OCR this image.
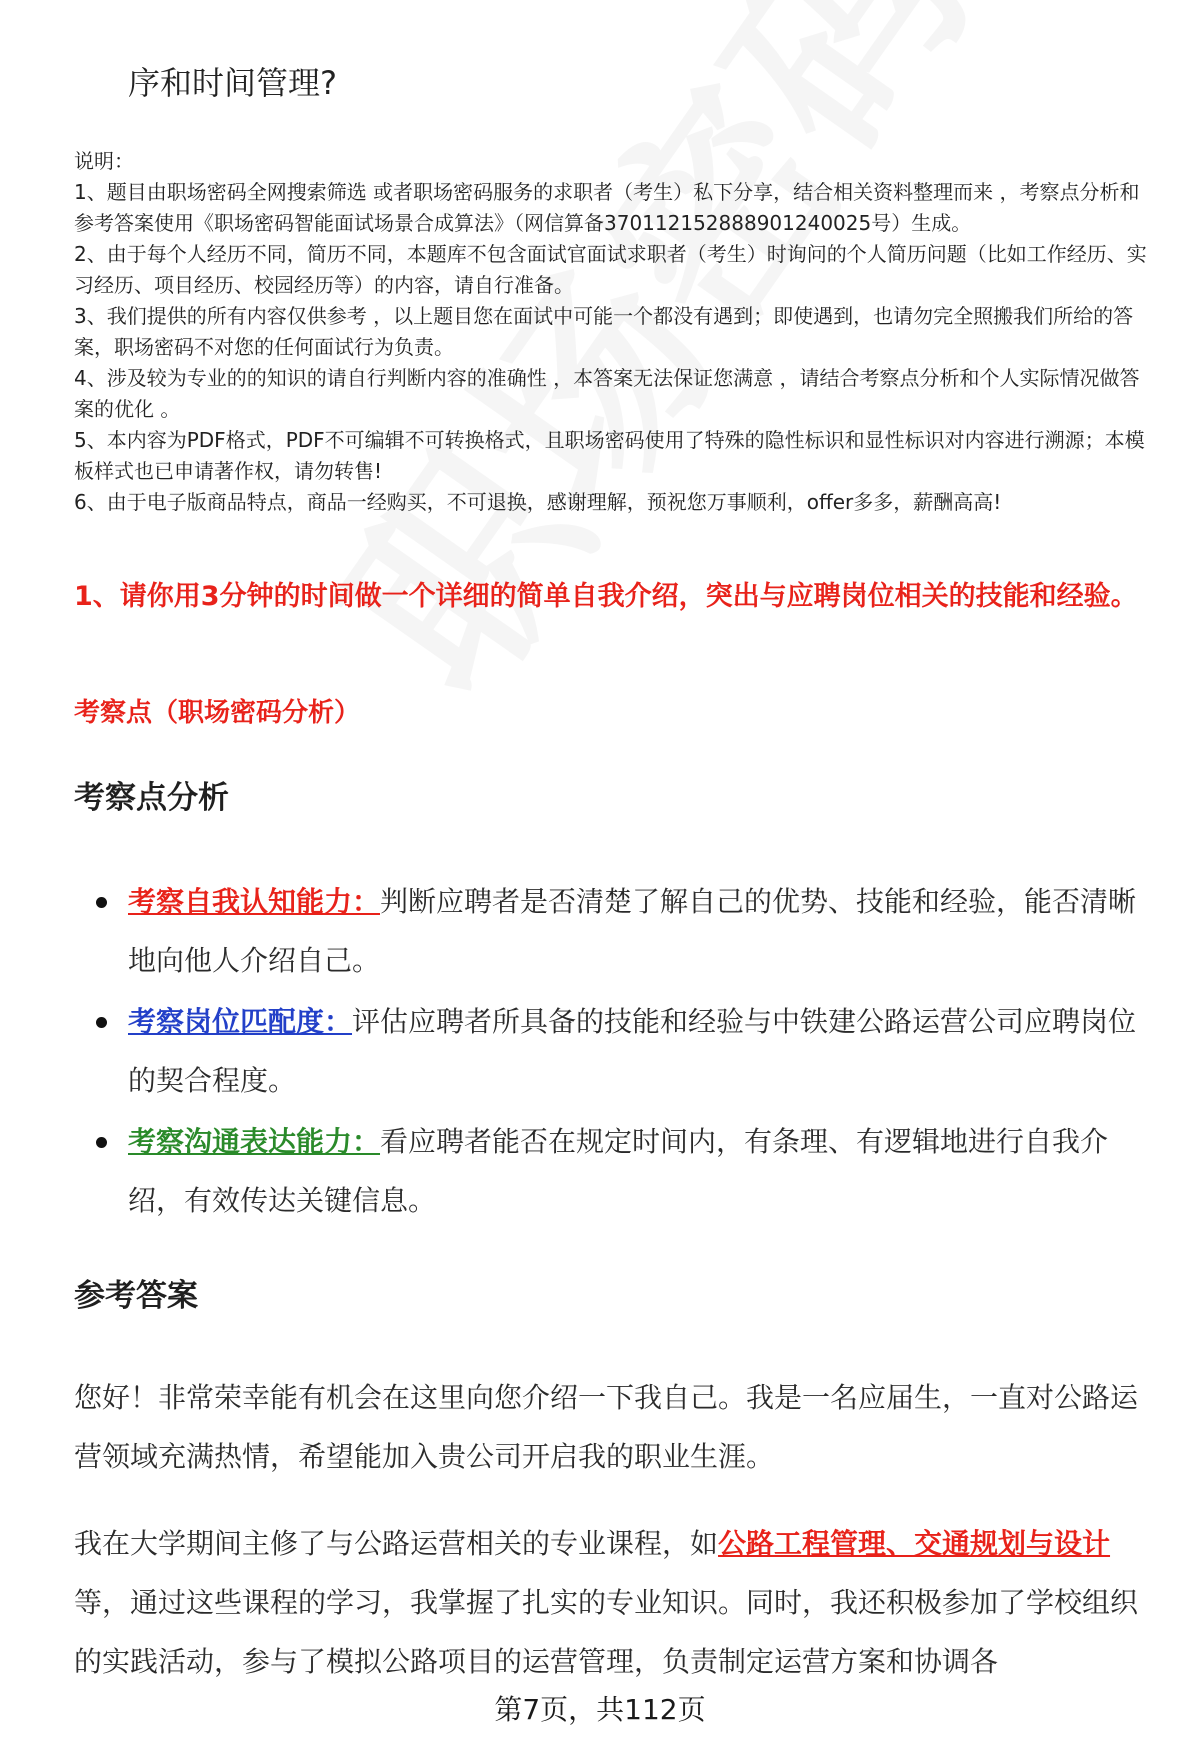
序和时间管理?

说明：

1、题目由职场密码全网搜索筛选 或者职场密码服务的求职者（考生）私下分享，结合相关资料整理而来 ，考察点分析和参考答案使用《职场密码智能面试场景合成算法》（网信算备370112152888901240025号）生成。

2、由于每个人经历不同，简历不同，本题库不包含面试官面试求职者（考生）时询问的个人简历问题（比如工作经历、实习经历、项目经历、校园经历等）的内容，请自行准备。

3、我们提供的所有内容仅供参考 ，以上题目您在面试中可能一个都没有遇到；即使遇到，也请勿完全照搬我们所给的答案，职场密码不对您的任何面试行为负责。

4、涉及较为专业的的知识的请自行判断内容的准确性 ，本答案无法保证您满意 ，请结合考察点分析和个人实际情况做答案的优化 。

5、本内容为PDF格式，PDF不可编辑不可转换格式，且职场密码使用了特殊的隐性标识和显性标识对内容进行溯源；本模板样式也已申请著作权，请勿转售!

6、由于电子版商品特点，商品一经购买，不可退换，感谢理解，预祝您万事顺利，offer多多，薪酬高高!

1、请你用3分钟的时间做一个详细的简单自我介绍，突出与应聘岗位相关的技能和经验。
考察点（职场密码分析）
考察点分析
考察自我认知能力：判断应聘者是否清楚了解自己的优势、技能和经验，能否清晰地向他人介绍自己。
考察岗位匹配度：评估应聘者所具备的技能和经验与中铁建公路运营公司应聘岗位的契合程度。
考察沟通表达能力：看应聘者能否在规定时间内，有条理、有逻辑地进行自我介绍，有效传达关键信息。
参考答案

您好！非常荣幸能有机会在这里向您介绍一下我自己。我是一名应届生，一直对公路运营领域充满热情，希望能加入贵公司开启我的职业生涯。

我在大学期间主修了与公路运营相关的专业课程，如公路工程管理、交通规划与设计等，通过这些课程的学习，我掌握了扎实的专业知识。同时，我还积极参加了学校组织的实践活动，参与了模拟公路项目的运营管理，负责制定运营方案和协调各

第7页，共112页
